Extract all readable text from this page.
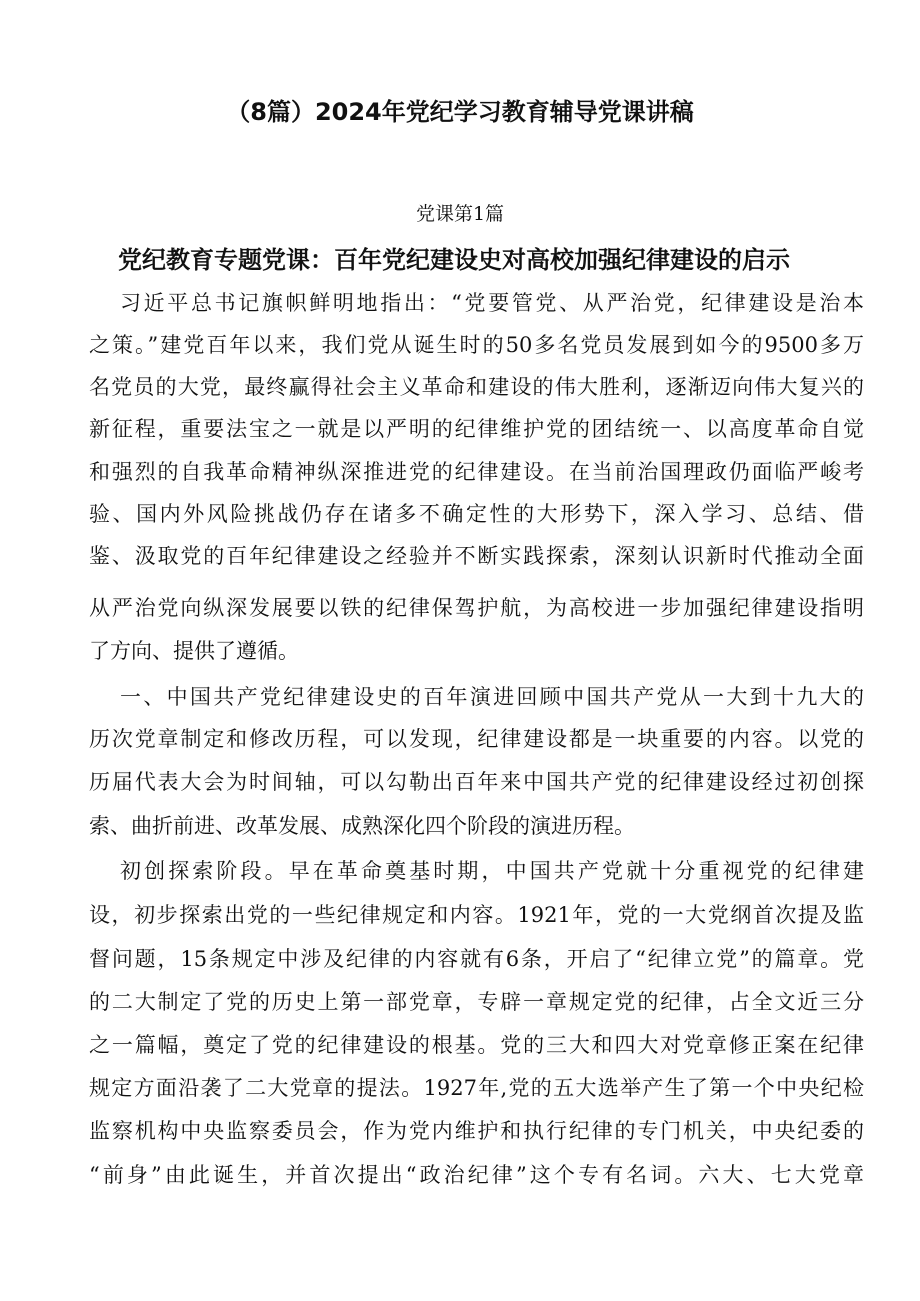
（8篇）2024年党纪学习教育辅导党课讲稿
党课第1篇
党纪教育专题党课：百年党纪建设史对高校加强纪律建设的启示
习近平总书记旗帜鲜明地指出：“党要管党、从严治党，纪律建设是治本
之策。”建党百年以来，我们党从诞生时的50多名党员发展到如今的9500多万
名党员的大党，最终赢得社会主义革命和建设的伟大胜利，逐渐迈向伟大复兴的
新征程，重要法宝之一就是以严明的纪律维护党的团结统一、以高度革命自觉
和强烈的自我革命精神纵深推进党的纪律建设。在当前治国理政仍面临严峻考
验、国内外风险挑战仍存在诸多不确定性的大形势下，深入学习、总结、借
鉴、汲取党的百年纪律建设之经验并不断实践探索，深刻认识新时代推动全面
从严治党向纵深发展要以铁的纪律保驾护航，为高校进一步加强纪律建设指明
了方向、提供了遵循。
一、中国共产党纪律建设史的百年演进回顾中国共产党从一大到十九大的
历次党章制定和修改历程，可以发现，纪律建设都是一块重要的内容。以党的
历届代表大会为时间轴，可以勾勒出百年来中国共产党的纪律建设经过初创探
索、曲折前进、改革发展、成熟深化四个阶段的演进历程。
初创探索阶段。早在革命奠基时期，中国共产党就十分重视党的纪律建
设，初步探索出党的一些纪律规定和内容。1921年，党的一大党纲首次提及监
督问题，15条规定中涉及纪律的内容就有6条，开启了“纪律立党”的篇章。党
的二大制定了党的历史上第一部党章，专辟一章规定党的纪律，占全文近三分
之一篇幅，奠定了党的纪律建设的根基。党的三大和四大对党章修正案在纪律
规定方面沿袭了二大党章的提法。1927年,党的五大选举产生了第一个中央纪检
监察机构中央监察委员会，作为党内维护和执行纪律的专门机关，中央纪委的
“前身”由此诞生，并首次提出“政治纪律”这个专有名词。六大、七大党章
